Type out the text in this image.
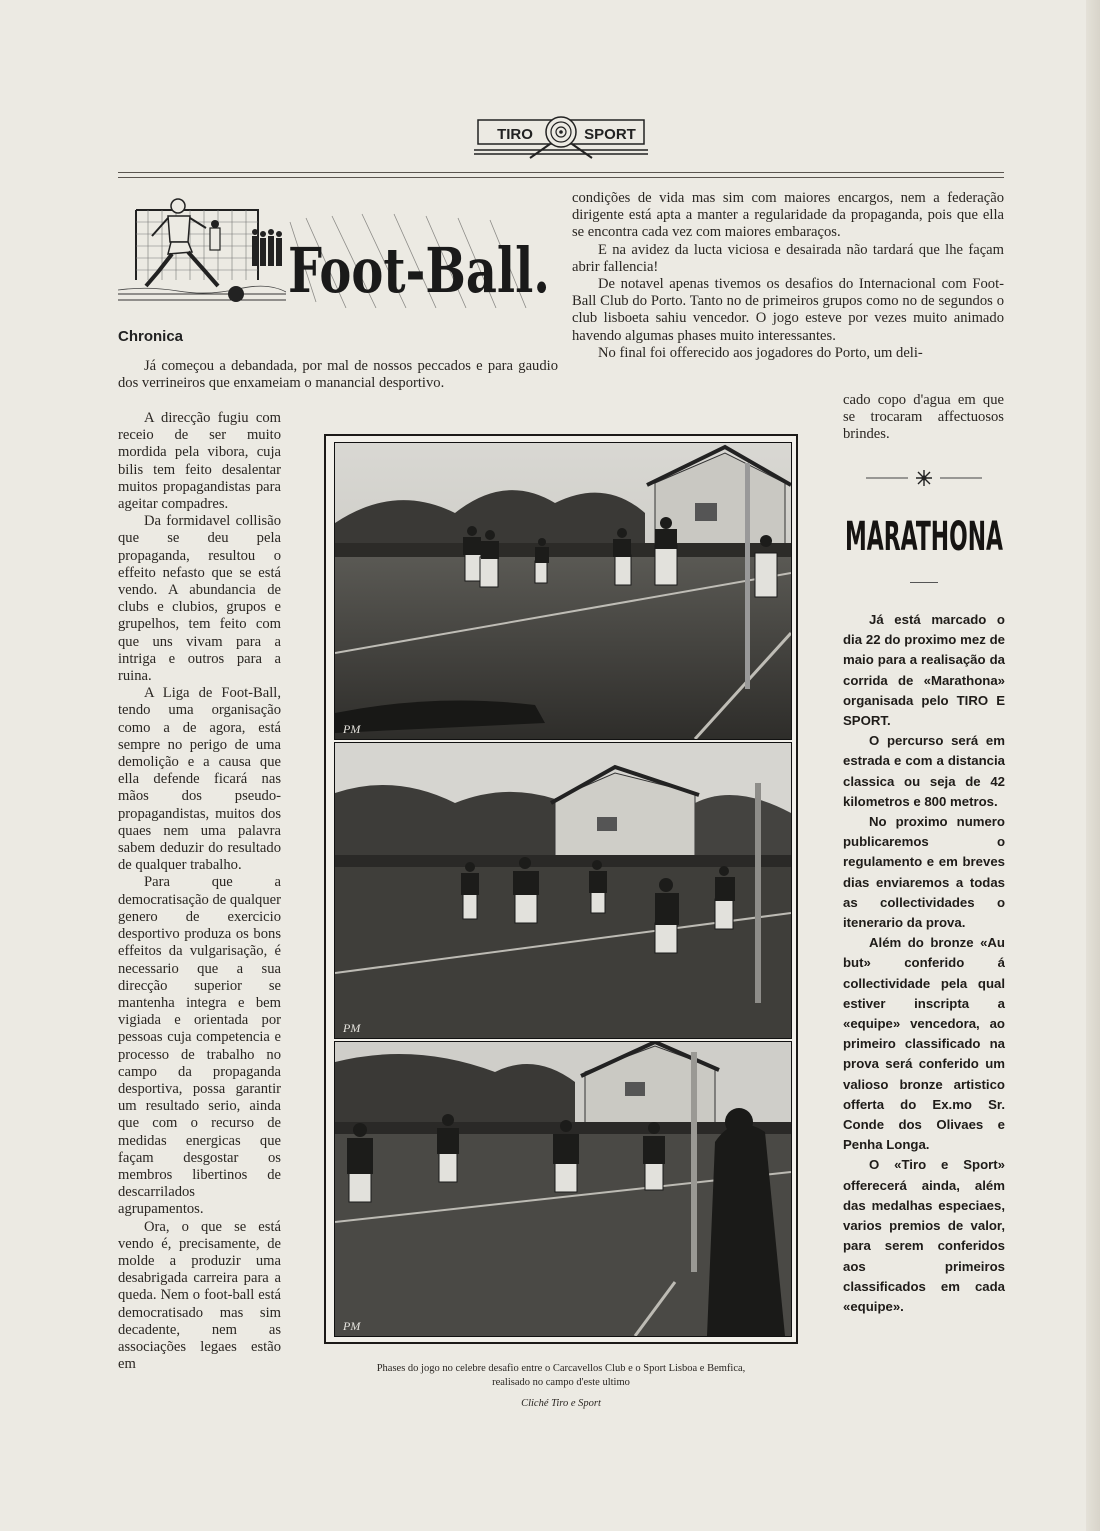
TIRO	SPORT
Foot-Ball.
Chronica

Já começou a debandada, por mal de nossos peccados e para gaudio dos verrineiros que enxameiam o manancial desportivo.

A direcção fugiu com receio de ser muito mordida pela vibora, cuja bilis tem feito desalentar muitos propagandistas para ageitar compadres.

Da formidavel collisão que se deu pela propaganda, resultou o effeito nefasto que se está vendo. A abundancia de clubs e clubios, grupos e grupelhos, tem feito com que uns vivam para a intriga e outros para a ruina.

A Liga de Foot-Ball, tendo uma organisação como a de agora, está sempre no perigo de uma demolição e a causa que ella defende ficará nas mãos dos pseudo-propagandistas, muitos dos quaes nem uma palavra sabem deduzir do resultado de qualquer trabalho.

Para que a democratisação de qualquer genero de exercicio desportivo produza os bons effeitos da vulgarisação, é necessario que a sua direcção superior se mantenha integra e bem vigiada e orientada por pessoas cuja competencia e processo de trabalho no campo da propaganda desportiva, possa garantir um resultado serio, ainda que com o recurso de medidas energicas que façam desgostar os membros libertinos de descarrilados agrupamentos.

Ora, o que se está vendo é, precisamente, de molde a produzir uma desabrigada carreira para a queda. Nem o foot-ball está democratisado mas sim decadente, nem as associações legaes estão em

condições de vida mas sim com maiores encargos, nem a federação dirigente está apta a manter a regularidade da propaganda, pois que ella se encontra cada vez com maiores embaraços.

E na avidez da lucta viciosa e desairada não tardará que lhe façam abrir fallencia!

De notavel apenas tivemos os desafios do Internacional com Foot-Ball Club do Porto. Tanto no de primeiros grupos como no de segundos o club lisboeta sahiu vencedor. O jogo esteve por vezes muito animado havendo algumas phases muito interessantes.

No final foi offerecido aos jogadores do Porto, um deli-

cado copo d'agua em que se trocaram affectuosos brindes.

PM
PM
PM
Phases do jogo no celebre desafio entre o Carcavellos Club e o Sport Lisboa e Bemfica,
realisado no campo d'este ultimo
Cliché Tiro e Sport
MARATHONA

Já está marcado o dia 22 do proximo mez de maio para a realisação da corrida de «Marathona» organisada pelo TIRO E SPORT.

O percurso será em estrada e com a distancia classica ou seja de 42 kilometros e 800 metros.

No proximo numero publicaremos o regulamento e em breves dias enviaremos a todas as collectividades o itenerario da prova.

Além do bronze «Au but» conferido á collectividade pela qual estiver inscripta a «equipe» vencedora, ao primeiro classificado na prova será conferido um valioso bronze artistico offerta do Ex.mo Sr. Conde dos Olivaes e Penha Longa.

O «Tiro e Sport» offerecerá ainda, além das medalhas especiaes, varios premios de valor, para serem conferidos aos primeiros classificados em cada «equipe».
